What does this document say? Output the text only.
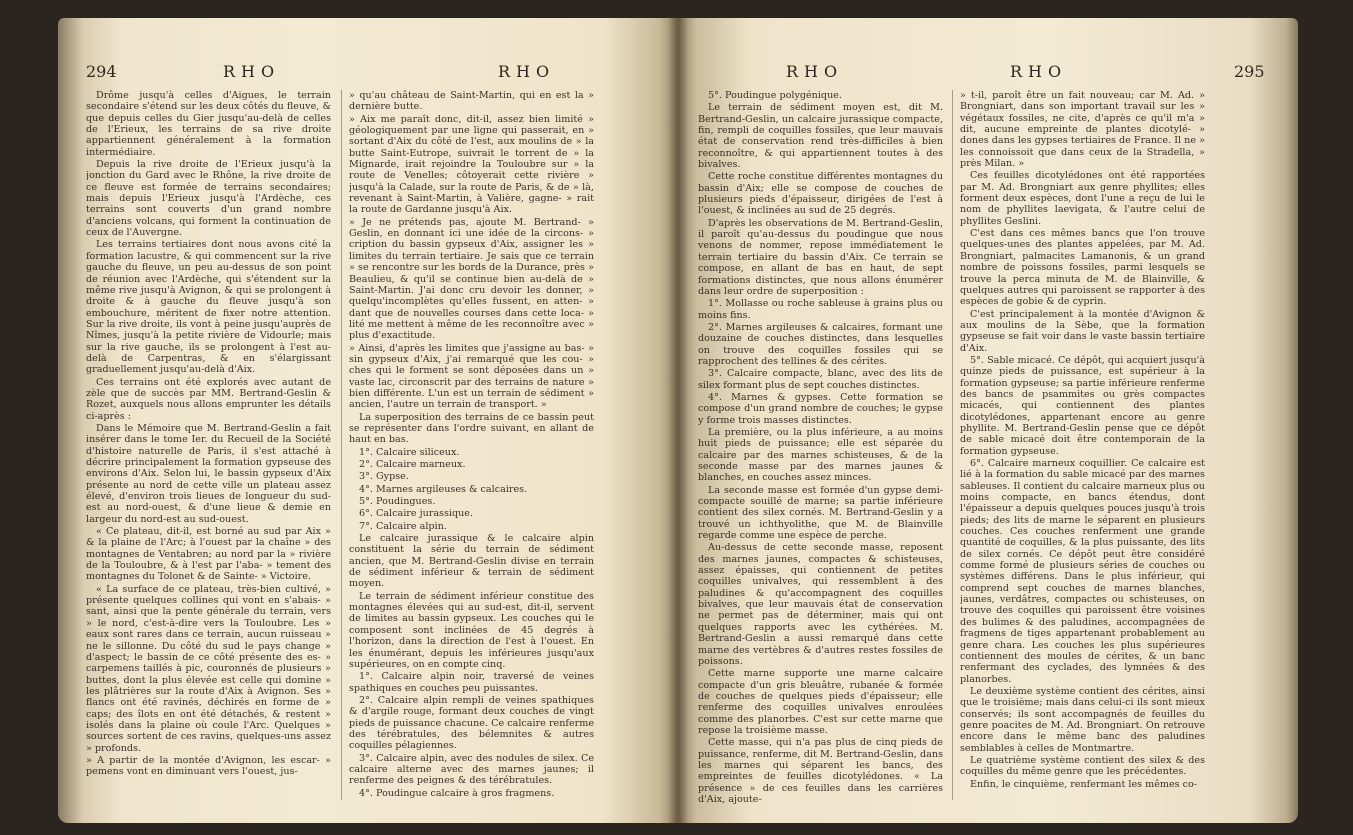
294	RHO	RHO

Drôme jusqu'à celles d'Aigues, le terrain secondaire s'étend sur les deux côtés du fleuve, & que depuis celles du Gier jusqu'au-delà de celles de l'Erieux, les terrains de sa rive droite appartiennent généralement à la formation intermédiaire.

Depuis la rive droite de l'Erieux jusqu'à la jonction du Gard avec le Rhône, la rive droite de ce fleuve est formée de terrains secondaires; mais depuis l'Erieux jusqu'à l'Ardèche, ces terrains sont couverts d'un grand nombre d'anciens volcans, qui forment la continuation de ceux de l'Auvergne.

Les terrains tertiaires dont nous avons cité la formation lacustre, & qui commencent sur la rive gauche du fleuve, un peu au-dessus de son point de réunion avec l'Ardèche, qui s'étendent sur la même rive jusqu'à Avignon, & qui se prolongent à droite & à gauche du fleuve jusqu'à son embouchure, méritent de fixer notre attention. Sur la rive droite, ils vont à peine jusqu'auprès de Nîmes, jusqu'à la petite rivière de Vidourle; mais sur la rive gauche, ils se prolongent à l'est au-delà de Carpentras, & en s'élargissant graduellement jusqu'au-delà d'Aix.

Ces terrains ont été explorés avec autant de zèle que de succès par MM. Bertrand-Geslin & Rozet, auxquels nous allons emprunter les détails ci-après :

Dans le Mémoire que M. Bertrand-Geslin a fait insérer dans le tome Ier. du Recueil de la Société d'histoire naturelle de Paris, il s'est attaché à décrire principalement la formation gypseuse des environs d'Aix. Selon lui, le bassin gypseux d'Aix présente au nord de cette ville un plateau assez élevé, d'environ trois lieues de longueur du sud-est au nord-ouest, & d'une lieue & demie en largeur du nord-est au sud-ouest.

« Ce plateau, dit-il, est borné au sud par Aix » & la plaine de l'Arc; à l'ouest par la chaîne » des montagnes de Ventabren; au nord par la » rivière de la Touloubre, & à l'est par l'aba- » tement des montagnes du Tolonet & de Sainte- » Victoire.

« La surface de ce plateau, très-bien cultivé, » présente quelques collines qui vont en s'abais- » sant, ainsi que la pente générale du terrain, vers » le nord, c'est-à-dire vers la Touloubre. Les » eaux sont rares dans ce terrain, aucun ruisseau » ne le sillonne. Du côté du sud le pays change » d'aspect; le bassin de ce côté présente des es- » carpemens taillés à pic, couronnés de plusieurs » buttes, dont la plus élevée est celle qui domine » les plâtrières sur la route d'Aix à Avignon. Ses » flancs ont été ravinés, déchirés en forme de » caps; des îlots en ont été détachés, & restent » isolés dans la plaine où coule l'Arc. Quelques » sources sortent de ces ravins, quelques-uns assez » profonds.

» A partir de la montée d'Avignon, les escar- » pemens vont en diminuant vers l'ouest, jus-

» qu'au château de Saint-Martin, qui en est la » dernière butte.

» Aix me paraît donc, dit-il, assez bien limité » géologiquement par une ligne qui passerait, en » sortant d'Aix du côté de l'est, aux moulins de » la butte Saint-Eutrope, suivrait le torrent de » la Mignarde, irait rejoindre la Touloubre sur » la route de Venelles; côtoyerait cette rivière » jusqu'à la Calade, sur la route de Paris, & de » là, revenant à Saint-Martin, à Valière, gagne- » rait la route de Gardanne jusqu'à Aix.

» Je ne prétends pas, ajoute M. Bertrand- » Geslin, en donnant ici une idée de la circons- » cription du bassin gypseux d'Aix, assigner les » limites du terrain tertiaire. Je sais que ce terrain » se rencontre sur les bords de la Durance, près » Beaulieu, & qu'il se continue bien au-delà de » Saint-Martin. J'ai donc cru devoir les donner, » quelqu'incomplètes qu'elles fussent, en atten- » dant que de nouvelles courses dans cette loca- » lité me mettent à même de les reconnoître avec » plus d'exactitude.

» Ainsi, d'après les limites que j'assigne au bas- » sin gypseux d'Aix, j'ai remarqué que les cou- » ches qui le forment se sont déposées dans un » vaste lac, circonscrit par des terrains de nature » bien différente. L'un est un terrain de sédiment » ancien, l'autre un terrain de transport. »

La superposition des terrains de ce bassin peut se représenter dans l'ordre suivant, en allant de haut en bas.

1°. Calcaire siliceux.

2°. Calcaire marneux.

3°. Gypse.

4°. Marnes argileuses & calcaires.

5°. Poudingues.

6°. Calcaire jurassique.

7°. Calcaire alpin.

Le calcaire jurassique & le calcaire alpin constituent la série du terrain de sédiment ancien, que M. Bertrand-Geslin divise en terrain de sédiment inférieur & terrain de sédiment moyen.

Le terrain de sédiment inférieur constitue des montagnes élevées qui au sud-est, dit-il, servent de limites au bassin gypseux. Les couches qui le composent sont inclinées de 45 degrés à l'horizon, dans la direction de l'est à l'ouest. En les énumérant, depuis les inférieures jusqu'aux supérieures, on en compte cinq.

1°. Calcaire alpin noir, traversé de veines spathiques en couches peu puissantes.

2°. Calcaire alpin rempli de veines spathiques & d'argile rouge, formant deux couches de vingt pieds de puissance chacune. Ce calcaire renferme des térébratules, des bélemnites & autres coquilles pélagiennes.

3°. Calcaire alpin, avec des nodules de silex. Ce calcaire alterne avec des marnes jaunes; il renferme des peignes & des térébratules.

4°. Poudingue calcaire à gros fragmens.

RHO	RHO	295

5°. Poudingue polygénique.

Le terrain de sédiment moyen est, dit M. Bertrand-Geslin, un calcaire jurassique compacte, fin, rempli de coquilles fossiles, que leur mauvais état de conservation rend très-difficiles à bien reconnoître, & qui appartiennent toutes à des bivalves.

Cette roche constitue différentes montagnes du bassin d'Aix; elle se compose de couches de plusieurs pieds d'épaisseur, dirigées de l'est à l'ouest, & inclinées au sud de 25 degrés.

D'après les observations de M. Bertrand-Geslin, il paroît qu'au-dessus du poudingue que nous venons de nommer, repose immédiatement le terrain tertiaire du bassin d'Aix. Ce terrain se compose, en allant de bas en haut, de sept formations distinctes, que nous allons énumérer dans leur ordre de superposition :

1°. Mollasse ou roche sableuse à grains plus ou moins fins.

2°. Marnes argileuses & calcaires, formant une douzaine de couches distinctes, dans lesquelles on trouve des coquilles fossiles qui se rapprochent des tellines & des cérites.

3°. Calcaire compacte, blanc, avec des lits de silex formant plus de sept couches distinctes.

4°. Marnes & gypses. Cette formation se compose d'un grand nombre de couches; le gypse y forme trois masses distinctes.

La première, ou la plus inférieure, a au moins huit pieds de puissance; elle est séparée du calcaire par des marnes schisteuses, & de la seconde masse par des marnes jaunes & blanches, en couches assez minces.

La seconde masse est formée d'un gypse demi-compacte souillé de marne; sa partie inférieure contient des silex cornés. M. Bertrand-Geslin y a trouvé un ichthyolithe, que M. de Blainville regarde comme une espèce de perche.

Au-dessus de cette seconde masse, reposent des marnes jaunes, compactes & schisteuses, assez épaisses, qui contiennent de petites coquilles univalves, qui ressemblent à des paludines & qu'accompagnent des coquilles bivalves, que leur mauvais état de conservation ne permet pas de déterminer, mais qui ont quelques rapports avec les cythérées. M. Bertrand-Geslin a aussi remarqué dans cette marne des vertèbres & d'autres restes fossiles de poissons.

Cette marne supporte une marne calcaire compacte d'un gris bleuâtre, rubanée & formée de couches de quelques pieds d'épaisseur; elle renferme des coquilles univalves enroulées comme des planorbes. C'est sur cette marne que repose la troisième masse.

Cette masse, qui n'a pas plus de cinq pieds de puissance, renferme, dit M. Bertrand-Geslin, dans les marnes qui séparent les bancs, des empreintes de feuilles dicotylédones. « La présence » de ces feuilles dans les carrières d'Aix, ajoute-

» t-il, paroît être un fait nouveau; car M. Ad. » Brongniart, dans son important travail sur les » végétaux fossiles, ne cite, d'après ce qu'il m'a » dit, aucune empreinte de plantes dicotylé- » dones dans les gypses tertiaires de France. Il ne » les connoissoit que dans ceux de la Stradella, » près Milan. »

Ces feuilles dicotylédones ont été rapportées par M. Ad. Brongniart aux genre phyllites; elles forment deux espèces, dont l'une a reçu de lui le nom de phyllites laevigata, & l'autre celui de phyllites Geslini.

C'est dans ces mêmes bancs que l'on trouve quelques-unes des plantes appelées, par M. Ad. Brongniart, palmacites Lamanonis, & un grand nombre de poissons fossiles, parmi lesquels se trouve la perca minuta de M. de Blainville, & quelques autres qui paroissent se rapporter à des espèces de gobie & de cyprin.

C'est principalement à la montée d'Avignon & aux moulins de la Sèbe, que la formation gypseuse se fait voir dans le vaste bassin tertiaire d'Aix.

5°. Sable micacé. Ce dépôt, qui acquiert jusqu'à quinze pieds de puissance, est supérieur à la formation gypseuse; sa partie inférieure renferme des bancs de psammites ou grès compactes micacés, qui contiennent des plantes dicotylédones, appartenant encore au genre phyllite. M. Bertrand-Geslin pense que ce dépôt de sable micacé doit être contemporain de la formation gypseuse.

6°. Calcaire marneux coquillier. Ce calcaire est lié à la formation du sable micacé par des marnes sableuses. Il contient du calcaire marneux plus ou moins compacte, en bancs étendus, dont l'épaisseur a depuis quelques pouces jusqu'à trois pieds; des lits de marne le séparent en plusieurs couches. Ces couches renferment une grande quantité de coquilles, & la plus puissante, des lits de silex cornés. Ce dépôt peut être considéré comme formé de plusieurs séries de couches ou systèmes différens. Dans le plus inférieur, qui comprend sept couches de marnes blanches, jaunes, verdâtres, compactes ou schisteuses, on trouve des coquilles qui paroissent être voisines des bulimes & des paludines, accompagnées de fragmens de tiges appartenant probablement au genre chara. Les couches les plus supérieures contiennent des moules de cérites, & un banc renfermant des cyclades, des lymnées & des planorbes.

Le deuxième système contient des cérites, ainsi que le troisième; mais dans celui-ci ils sont mieux conservés; ils sont accompagnés de feuilles du genre poacites de M. Ad. Brongniart. On retrouve encore dans le même banc des paludines semblables à celles de Montmartre.

Le quatrième système contient des silex & des coquilles du même genre que les précédentes.

Enfin, le cinquième, renfermant les mêmes co-
